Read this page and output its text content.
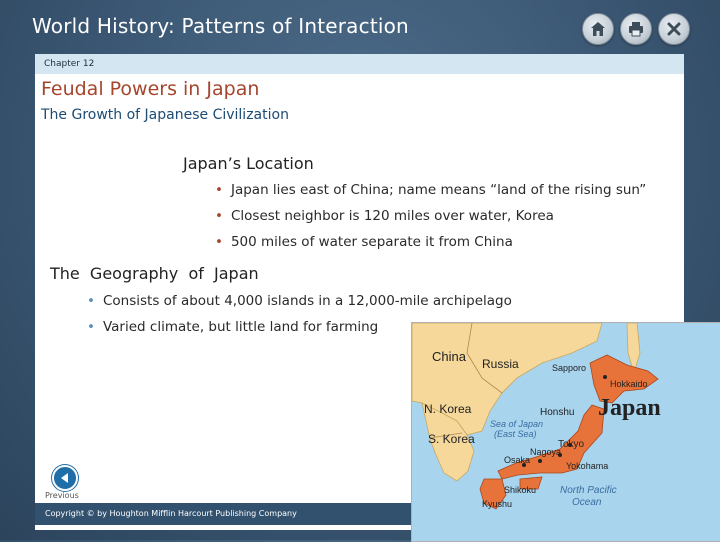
World History: Patterns of Interaction
Chapter 12
Feudal Powers in Japan
The Growth of Japanese Civilization
Japan’s Location
• Japan lies east of China; name means “land of the rising sun”
• Closest neighbor is 120 miles over water, Korea
• 500 miles of water separate it from China
The  Geography  of  Japan
• Consists of about 4,000 islands in a 12,000-mile archipelago
• Varied climate, but little land for farming
Previous
Copyright © by Houghton Mifflin Harcourt Publishing Company
China Russia
N. Korea
S. Korea
Sea of Japan
(East Sea)
Sapporo
Hokkaido
Honshu Japan
Tokyo
Nagoya
Yokohama
Osaka
Shikoku
Kyushu
North Pacific
Ocean
